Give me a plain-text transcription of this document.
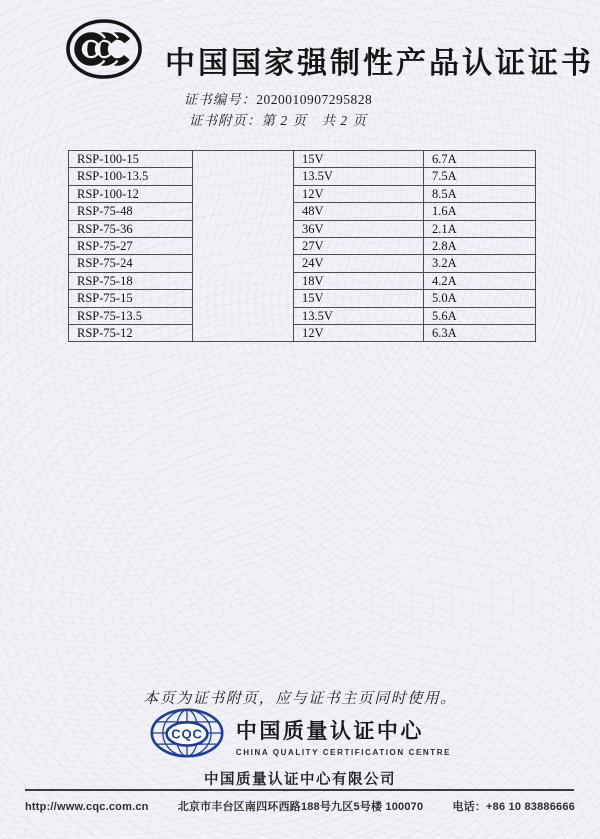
中国国家强制性产品认证证书
证书编号：2020010907295828
证书附页：第 2 页　共 2 页
RSP-100-15		15V	6.7A
RSP-100-13.5		13.5V	7.5A
RSP-100-12		12V	8.5A
RSP-75-48		48V	1.6A
RSP-75-36		36V	2.1A
RSP-75-27		27V	2.8A
RSP-75-24		24V	3.2A
RSP-75-18		18V	4.2A
RSP-75-15		15V	5.0A
RSP-75-13.5		13.5V	5.6A
RSP-75-12		12V	6.3A
本页为证书附页，应与证书主页同时使用。
CQC 中国质量认证中心
CHINA QUALITY CERTIFICATION CENTRE
中国质量认证中心有限公司
http://www.cqc.com.cn	北京市丰台区南四环西路188号九区5号楼 100070	电话：+86 10 83886666
